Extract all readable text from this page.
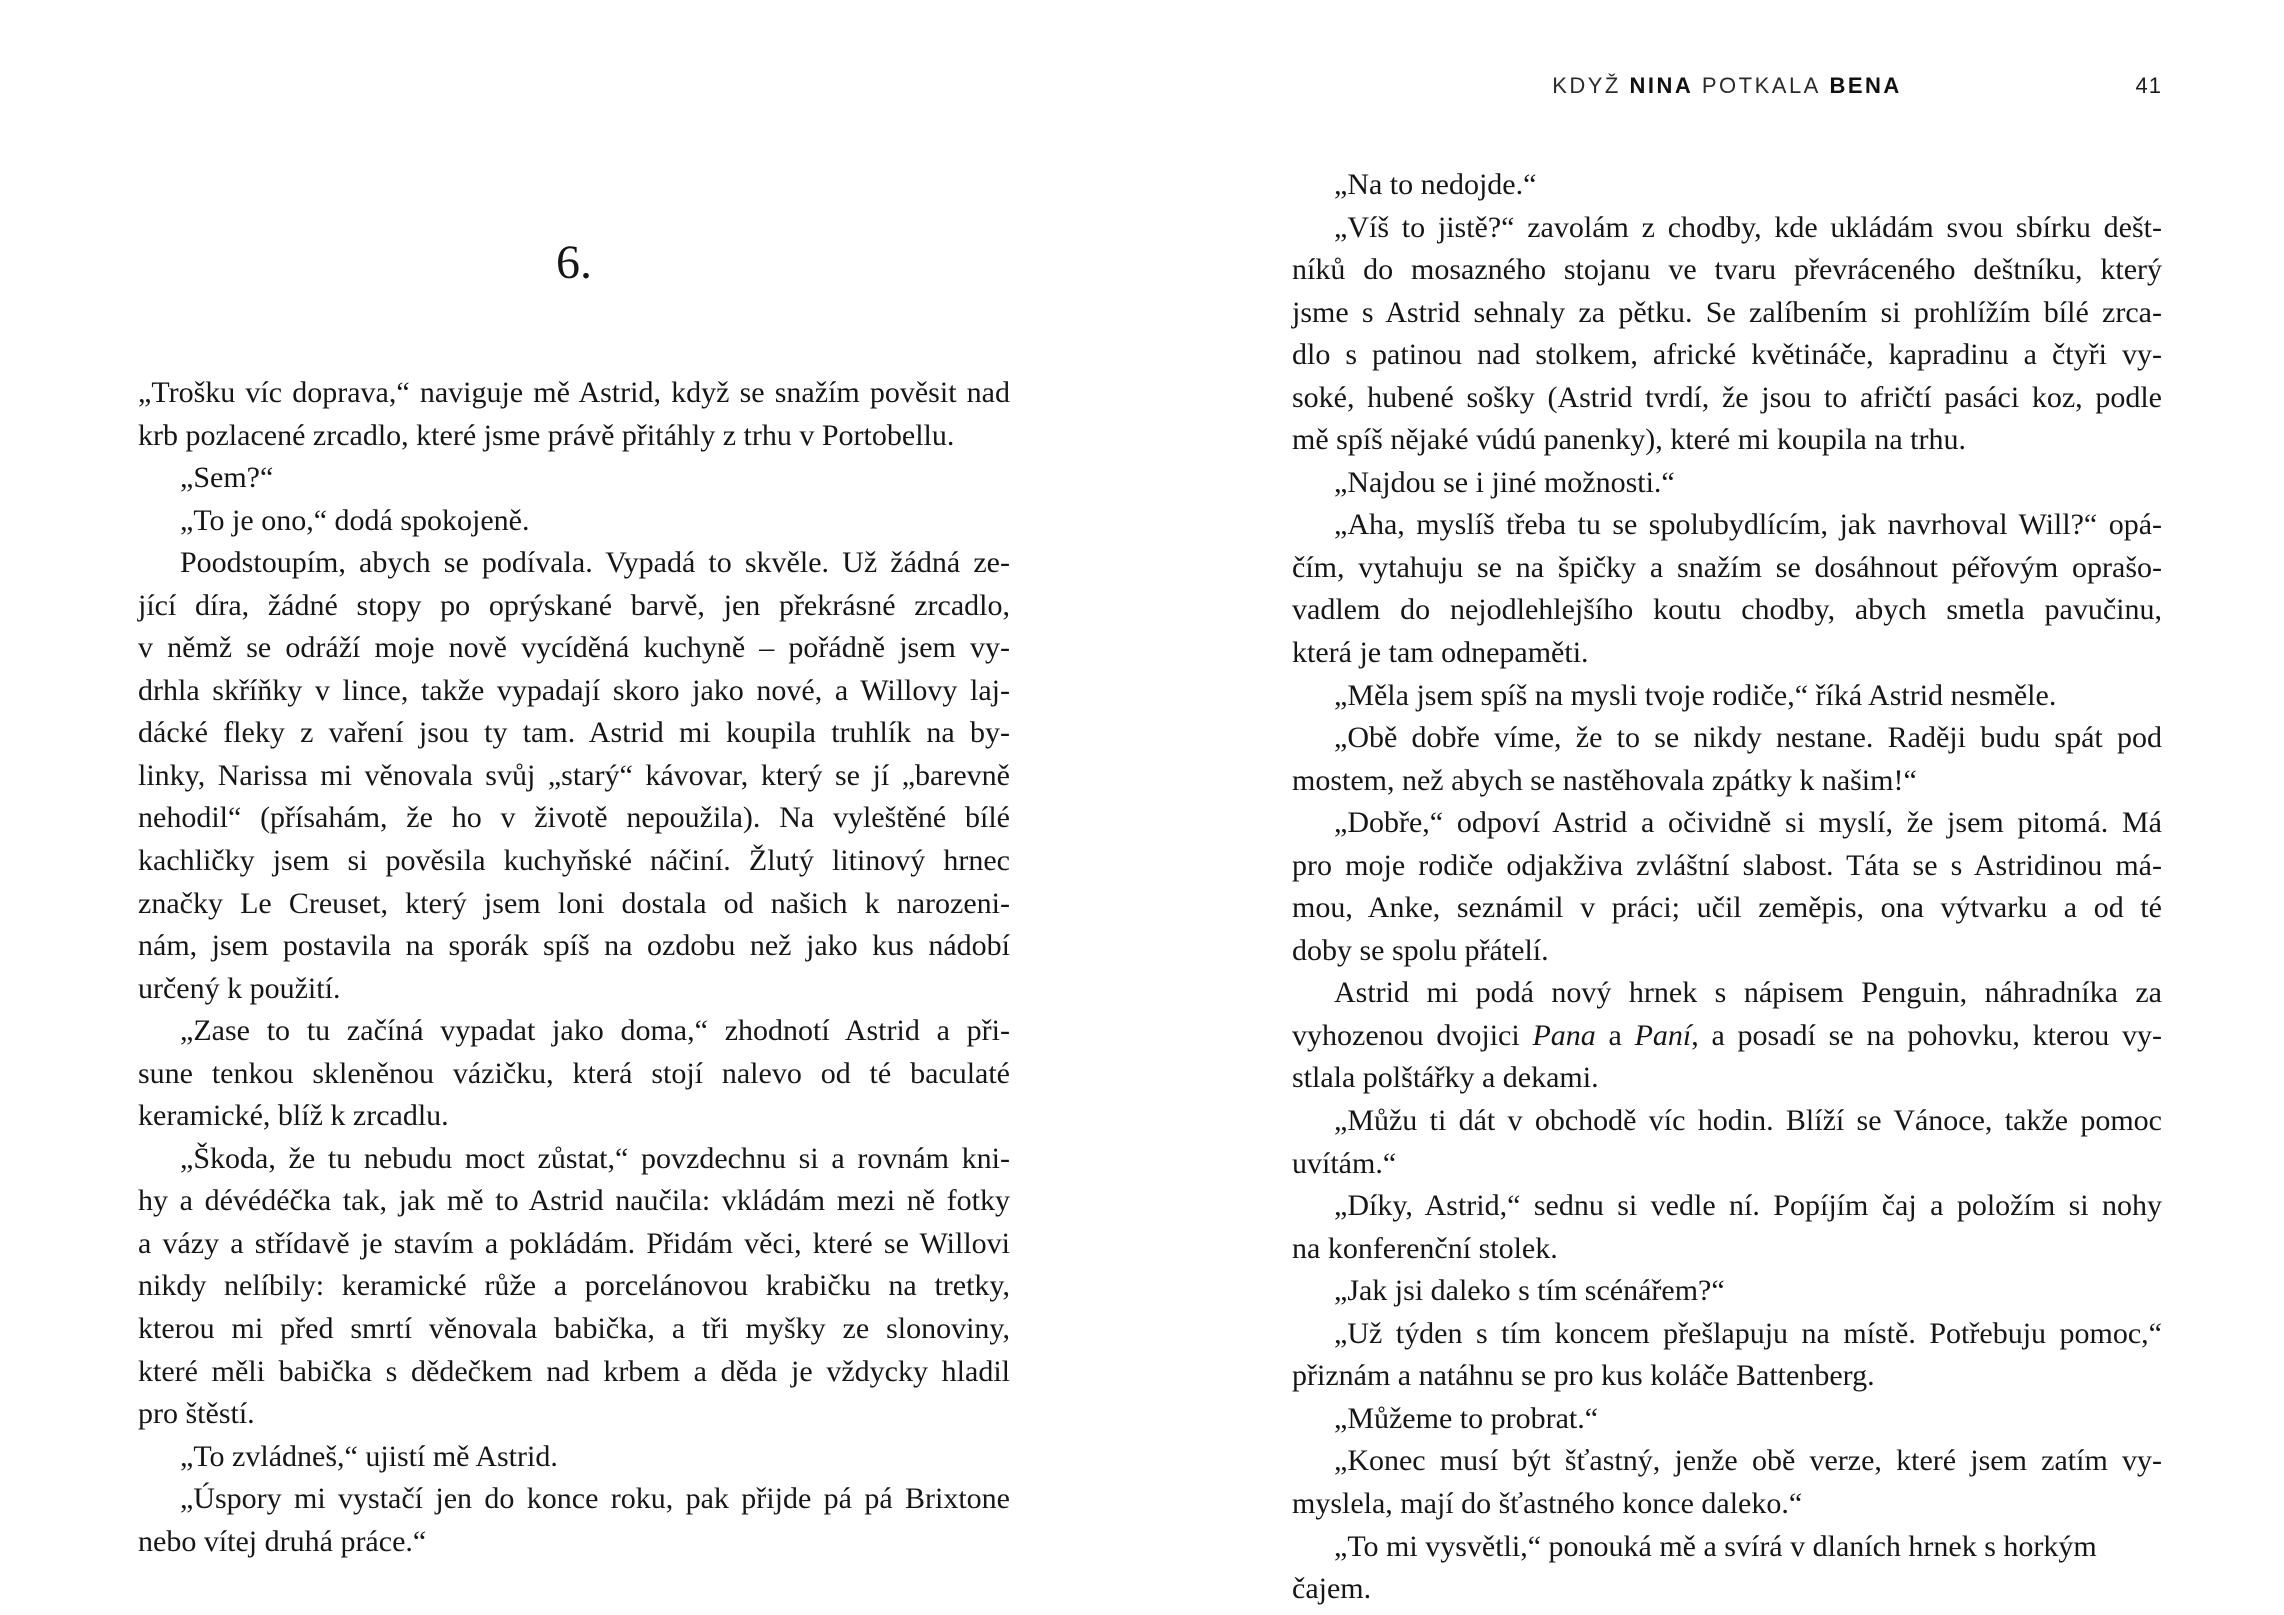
KDYŽ NINA POTKALA BENA	41
6.
„Trošku víc doprava,“ naviguje mě Astrid, když se snažím pověsit nad
krb pozlacené zrcadlo, které jsme právě přitáhly z trhu v Portobellu.
„Sem?“
„To je ono,“ dodá spokojeně.
Poodstoupím, abych se podívala. Vypadá to skvěle. Už žádná ze-
jící díra, žádné stopy po oprýskané barvě, jen překrásné zrcadlo,
v němž se odráží moje nově vycíděná kuchyně – pořádně jsem vy-
drhla skříňky v lince, takže vypadají skoro jako nové, a Willovy laj-
dácké fleky z vaření jsou ty tam. Astrid mi koupila truhlík na by-
linky, Narissa mi věnovala svůj „starý“ kávovar, který se jí „barevně
nehodil“ (přísahám, že ho v životě nepoužila). Na vyleštěné bílé
kachličky jsem si pověsila kuchyňské náčiní. Žlutý litinový hrnec
značky Le Creuset, který jsem loni dostala od našich k narozeni-
nám, jsem postavila na sporák spíš na ozdobu než jako kus nádobí
určený k použití.
„Zase to tu začíná vypadat jako doma,“ zhodnotí Astrid a při-
sune tenkou skleněnou vázičku, která stojí nalevo od té baculaté
keramické, blíž k zrcadlu.
„Škoda, že tu nebudu moct zůstat,“ povzdechnu si a rovnám kni-
hy a dévédéčka tak, jak mě to Astrid naučila: vkládám mezi ně fotky
a vázy a střídavě je stavím a pokládám. Přidám věci, které se Willovi
nikdy nelíbily: keramické růže a porcelánovou krabičku na tretky,
kterou mi před smrtí věnovala babička, a tři myšky ze slonoviny,
které měli babička s dědečkem nad krbem a děda je vždycky hladil
pro štěstí.
„To zvládneš,“ ujistí mě Astrid.
„Úspory mi vystačí jen do konce roku, pak přijde pá pá Brixtone
nebo vítej druhá práce.“
„Na to nedojde.“
„Víš to jistě?“ zavolám z chodby, kde ukládám svou sbírku dešt-
níků do mosazného stojanu ve tvaru převráceného deštníku, který
jsme s Astrid sehnaly za pětku. Se zalíbením si prohlížím bílé zrca-
dlo s patinou nad stolkem, africké květináče, kapradinu a čtyři vy-
soké, hubené sošky (Astrid tvrdí, že jsou to afričtí pasáci koz, podle
mě spíš nějaké vúdú panenky), které mi koupila na trhu.
„Najdou se i jiné možnosti.“
„Aha, myslíš třeba tu se spolubydlícím, jak navrhoval Will?“ opá-
čím, vytahuju se na špičky a snažím se dosáhnout péřovým oprašo-
vadlem do nejodlehlejšího koutu chodby, abych smetla pavučinu,
která je tam odnepaměti.
„Měla jsem spíš na mysli tvoje rodiče,“ říká Astrid nesměle.
„Obě dobře víme, že to se nikdy nestane. Raději budu spát pod
mostem, než abych se nastěhovala zpátky k našim!“
„Dobře,“ odpoví Astrid a očividně si myslí, že jsem pitomá. Má
pro moje rodiče odjakživa zvláštní slabost. Táta se s Astridinou má-
mou, Anke, seznámil v práci; učil zeměpis, ona výtvarku a od té
doby se spolu přátelí.
Astrid mi podá nový hrnek s nápisem Penguin, náhradníka za
vyhozenou dvojici Pana a Paní, a posadí se na pohovku, kterou vy-
stlala polštářky a dekami.
„Můžu ti dát v obchodě víc hodin. Blíží se Vánoce, takže pomoc
uvítám.“
„Díky, Astrid,“ sednu si vedle ní. Popíjím čaj a položím si nohy
na konferenční stolek.
„Jak jsi daleko s tím scénářem?“
„Už týden s tím koncem přešlapuju na místě. Potřebuju pomoc,“
přiznám a natáhnu se pro kus koláče Battenberg.
„Můžeme to probrat.“
„Konec musí být šťastný, jenže obě verze, které jsem zatím vy-
myslela, mají do šťastného konce daleko.“
„To mi vysvětli,“ ponouká mě a svírá v dlaních hrnek s horkým čajem.
